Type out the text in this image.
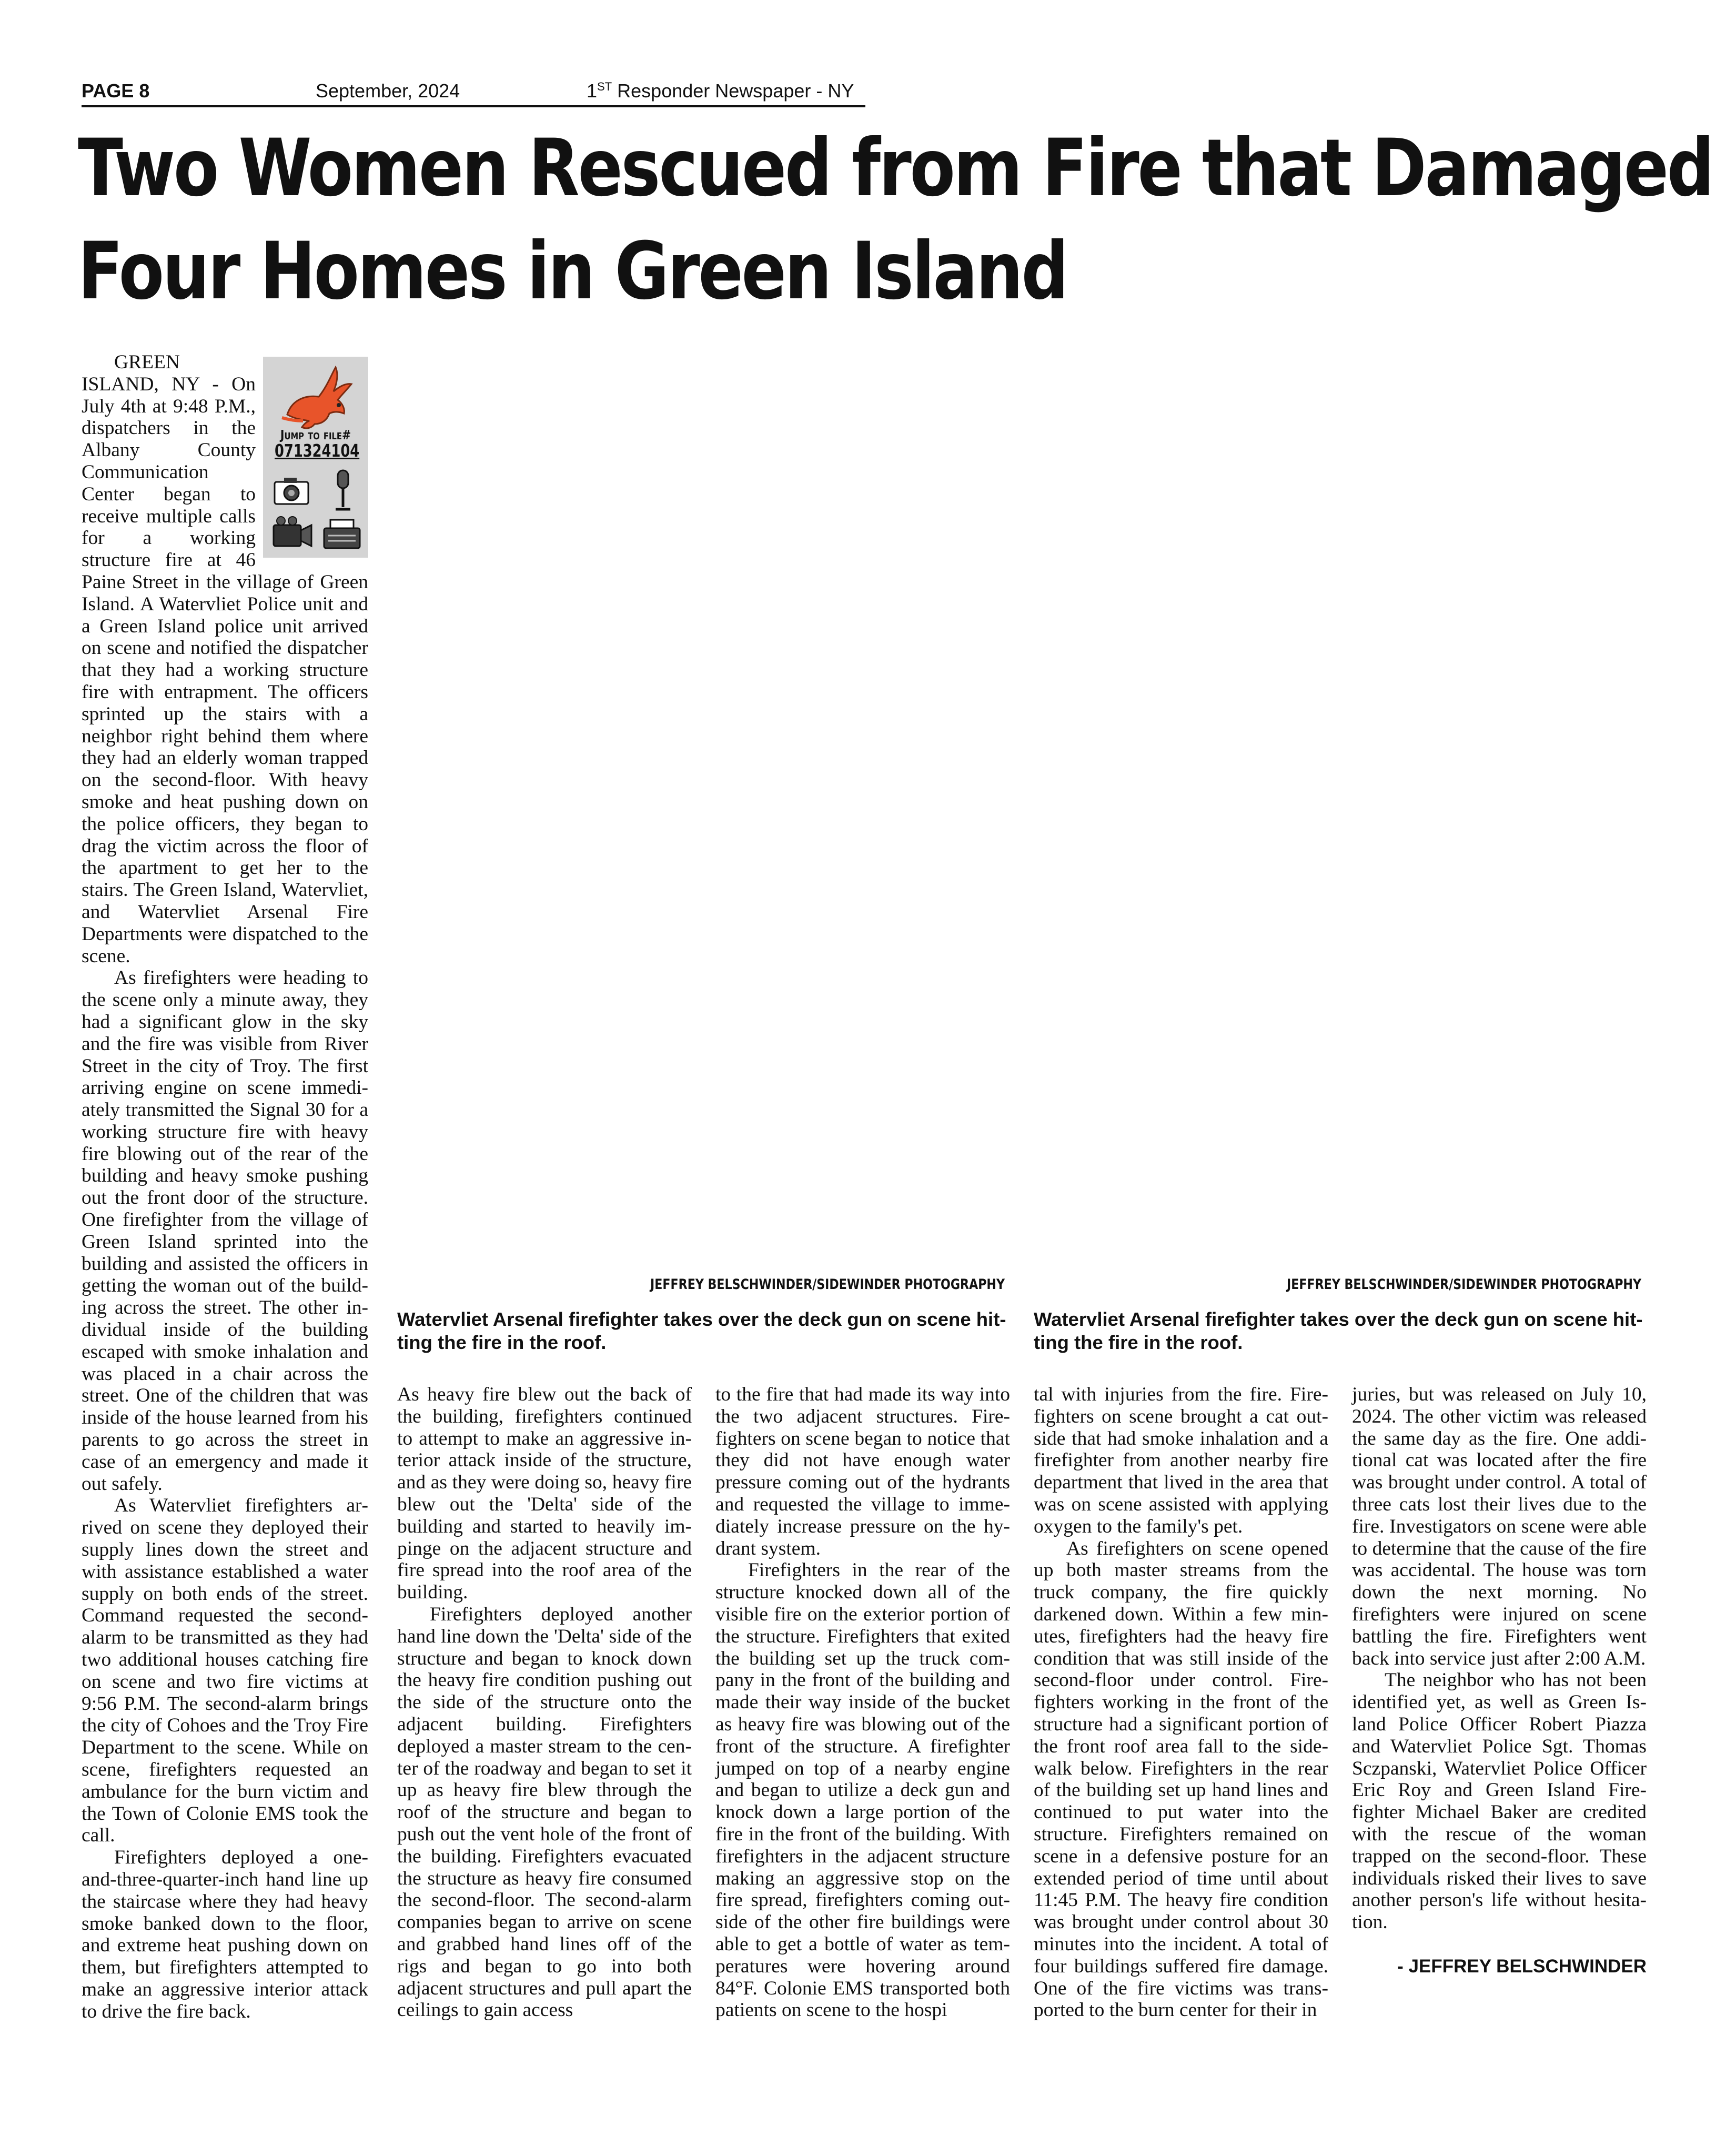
PAGE 8	September, 2024	1ST Responder Newspaper - NY
Two Women Rescued from Fire that Damaged
Four Homes in Green Island
Jump to file#
071324104

GREEN ISLAND, NY - On July 4th at 9:48 P.M., dispatchers in the Albany County Communication Center began to receive multiple calls for a working structure fire at 46 Paine Street in the village of Green Island. A Watervliet Police unit and a Green Island police unit arrived on scene and notified the dispatcher that they had a working structure fire with entrapment. The officers sprinted up the stairs with a neighbor right behind them where they had an elderly woman trapped on the second-floor. With heavy smoke and heat pushing down on the police officers, they began to drag the victim across the floor of the apartment to get her to the stairs. The Green Island, Watervliet, and Watervliet Arsenal Fire Departments were dispatched to the scene.

As firefighters were heading to the scene only a minute away, they had a significant glow in the sky and the fire was visible from River Street in the city of Troy. The first arriving engine on scene immediately transmitted the Signal 30 for a working structure fire with heavy fire blowing out of the rear of the building and heavy smoke pushing out the front door of the structure. One firefighter from the village of Green Island sprinted into the building and assisted the officers in getting the woman out of the building across the street. The other individual inside of the building escaped with smoke inhalation and was placed in a chair across the street. One of the children that was inside of the house learned from his parents to go across the street in case of an emergency and made it out safely.

As Watervliet firefighters arrived on scene they deployed their supply lines down the street and with assistance established a water supply on both ends of the street. Command requested the second-alarm to be transmitted as they had two additional houses catching fire on scene and two fire victims at 9:56 P.M. The second-alarm brings the city of Cohoes and the Troy Fire Department to the scene. While on scene, firefighters requested an ambulance for the burn victim and the Town of Colonie EMS took the call.

Firefighters deployed a one-and-three-quarter-inch hand line up the staircase where they had heavy smoke banked down to the floor, and extreme heat pushing down on them, but firefighters attempted to make an aggressive interior attack to drive the fire back.

JEFFREY BELSCHWINDER/SIDEWINDER PHOTOGRAPHY	JEFFREY BELSCHWINDER/SIDEWINDER PHOTOGRAPHY
Watervliet Arsenal firefighter takes over the deck gun on scene hit-ting the fire in the roof.
Watervliet Arsenal firefighter takes over the deck gun on scene hit-ting the fire in the roof.

As heavy fire blew out the back of the building, firefighters continued to attempt to make an aggressive interior attack inside of the structure, and as they were doing so, heavy fire blew out the 'Delta' side of the building and started to heavily impinge on the adjacent structure and fire spread into the roof area of the building.

Firefighters deployed another hand line down the 'Delta' side of the structure and began to knock down the heavy fire condition pushing out the side of the structure onto the adjacent building. Firefighters deployed a master stream to the center of the roadway and began to set it up as heavy fire blew through the roof of the structure and began to push out the vent hole of the front of the building. Firefighters evacuated the structure as heavy fire consumed the second-floor. The second-alarm companies began to arrive on scene and grabbed hand lines off of the rigs and began to go into both adjacent structures and pull apart the ceilings to gain access

to the fire that had made its way into the two adjacent structures. Firefighters on scene began to notice that they did not have enough water pressure coming out of the hydrants and requested the village to immediately increase pressure on the hydrant system.

Firefighters in the rear of the structure knocked down all of the visible fire on the exterior portion of the structure. Firefighters that exited the building set up the truck company in the front of the building and made their way inside of the bucket as heavy fire was blowing out of the front of the structure. A firefighter jumped on top of a nearby engine and began to utilize a deck gun and knock down a large portion of the fire in the front of the building. With firefighters in the adjacent structure making an aggressive stop on the fire spread, firefighters coming outside of the other fire buildings were able to get a bottle of water as temperatures were hovering around 84°F. Colonie EMS transported both patients on scene to the hospi

tal with injuries from the fire. Firefighters on scene brought a cat outside that had smoke inhalation and a firefighter from another nearby fire department that lived in the area that was on scene assisted with applying oxygen to the family's pet.

As firefighters on scene opened up both master streams from the truck company, the fire quickly darkened down. Within a few minutes, firefighters had the heavy fire condition that was still inside of the second-floor under control. Firefighters working in the front of the structure had a significant portion of the front roof area fall to the sidewalk below. Firefighters in the rear of the building set up hand lines and continued to put water into the structure. Firefighters remained on scene in a defensive posture for an extended period of time until about 11:45 P.M. The heavy fire condition was brought under control about 30 minutes into the incident. A total of four buildings suffered fire damage. One of the fire victims was transported to the burn center for their in

juries, but was released on July 10, 2024. The other victim was released the same day as the fire. One additional cat was located after the fire was brought under control. A total of three cats lost their lives due to the fire. Investigators on scene were able to determine that the cause of the fire was accidental. The house was torn down the next morning. No firefighters were injured on scene battling the fire. Firefighters went back into service just after 2:00 A.M.

The neighbor who has not been identified yet, as well as Green Island Police Officer Robert Piazza and Watervliet Police Sgt. Thomas Sczpanski, Watervliet Police Officer Eric Roy and Green Island Firefighter Michael Baker are credited with the rescue of the woman trapped on the second-floor. These individuals risked their lives to save another person's life without hesitation.

- JEFFREY BELSCHWINDER
